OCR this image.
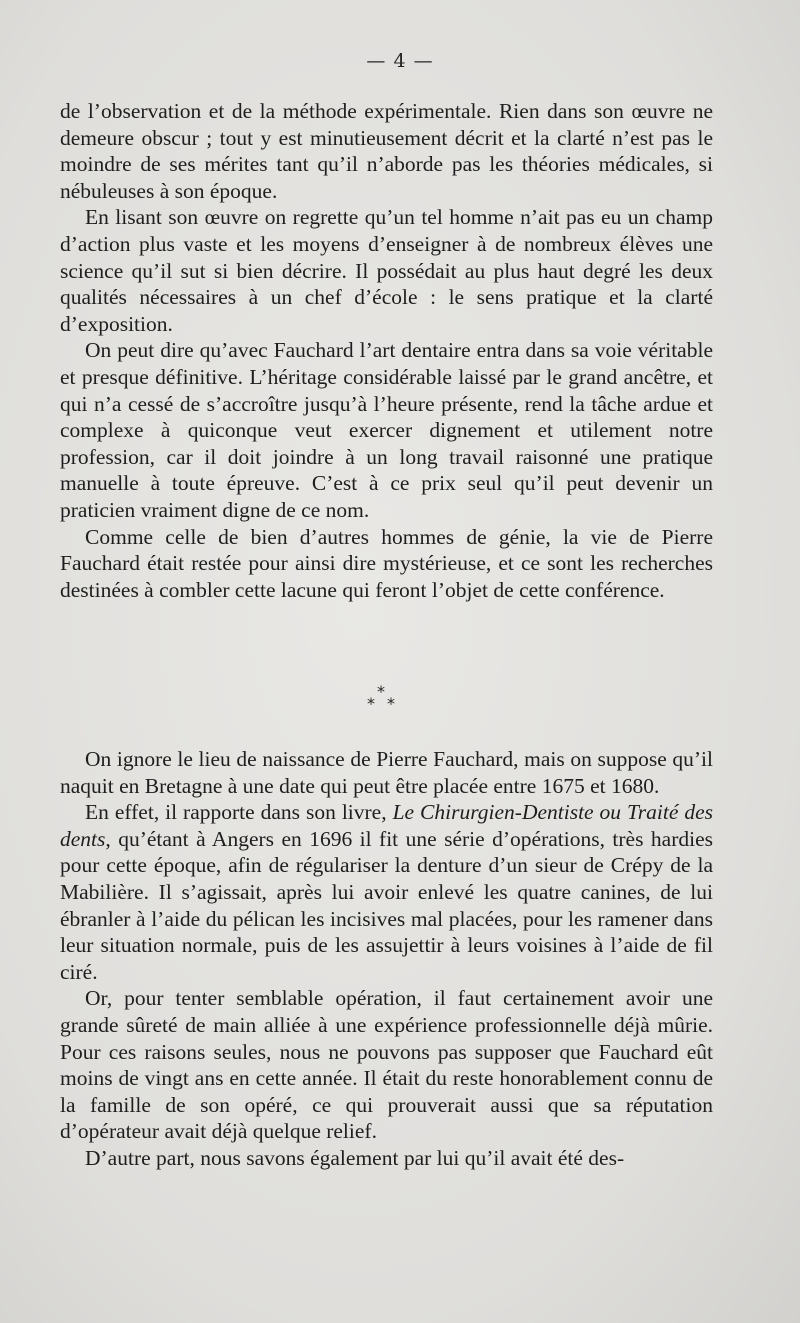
— 4 —

de l’observation et de la méthode expérimentale. Rien dans son œuvre ne demeure obscur ; tout y est minutieusement décrit et la clarté n’est pas le moindre de ses mérites tant qu’il n’aborde pas les théories médicales, si nébuleuses à son époque.

En lisant son œuvre on regrette qu’un tel homme n’ait pas eu un champ d’action plus vaste et les moyens d’enseigner à de nombreux élèves une science qu’il sut si bien décrire. Il possédait au plus haut degré les deux qualités nécessaires à un chef d’école : le sens pratique et la clarté d’exposition.

On peut dire qu’avec Fauchard l’art dentaire entra dans sa voie véritable et presque définitive. L’héritage considérable laissé par le grand ancêtre, et qui n’a cessé de s’accroître jusqu’à l’heure présente, rend la tâche ardue et complexe à quiconque veut exercer dignement et utilement notre profession, car il doit joindre à un long travail raisonné une pratique manuelle à toute épreuve. C’est à ce prix seul qu’il peut devenir un praticien vraiment digne de ce nom.

Comme celle de bien d’autres hommes de génie, la vie de Pierre Fauchard était restée pour ainsi dire mystérieuse, et ce sont les recherches destinées à combler cette lacune qui feront l’objet de cette conférence.

*
* *

On ignore le lieu de naissance de Pierre Fauchard, mais on suppose qu’il naquit en Bretagne à une date qui peut être placée entre 1675 et 1680.

En effet, il rapporte dans son livre, Le Chirurgien-Dentiste ou Traité des dents, qu’étant à Angers en 1696 il fit une série d’opérations, très hardies pour cette époque, afin de régulariser la denture d’un sieur de Crépy de la Mabilière. Il s’agissait, après lui avoir enlevé les quatre canines, de lui ébranler à l’aide du pélican les incisives mal placées, pour les ramener dans leur situation normale, puis de les assujettir à leurs voisines à l’aide de fil ciré.

Or, pour tenter semblable opération, il faut certainement avoir une grande sûreté de main alliée à une expérience professionnelle déjà mûrie. Pour ces raisons seules, nous ne pouvons pas supposer que Fauchard eût moins de vingt ans en cette année. Il était du reste honorablement connu de la famille de son opéré, ce qui prouverait aussi que sa réputation d’opérateur avait déjà quelque relief.

D’autre part, nous savons également par lui qu’il avait été des-
